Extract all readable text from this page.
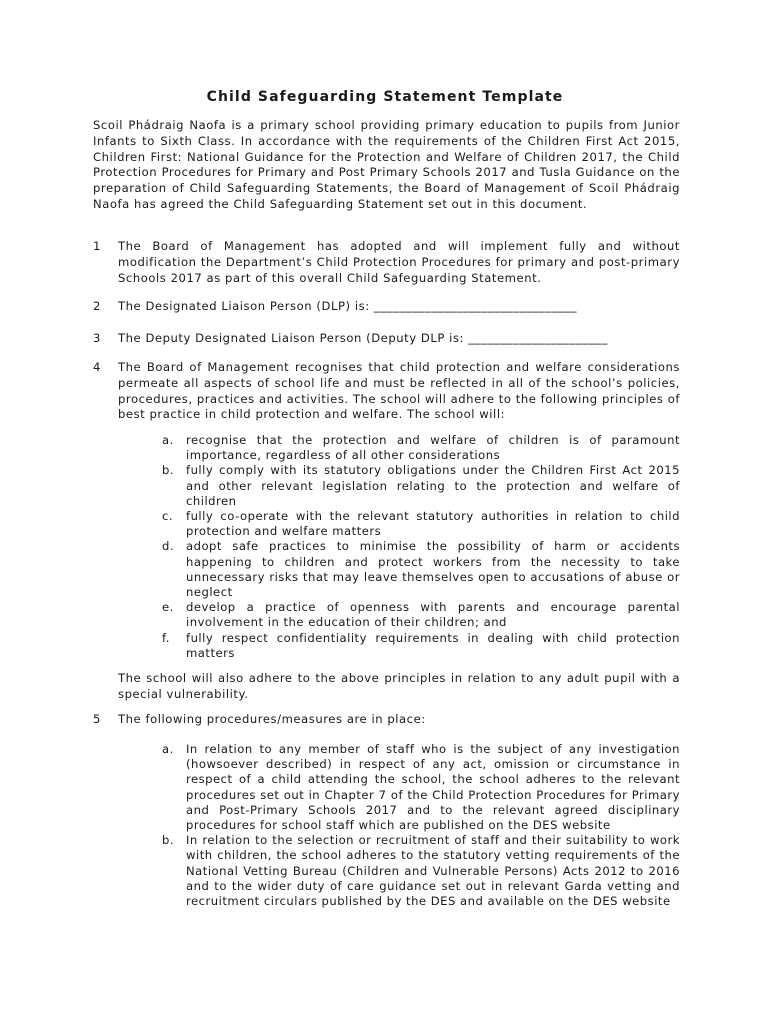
Child Safeguarding Statement Template
Scoil Phádraig Naofa is a primary school providing primary education to pupils from Junior Infants to Sixth Class. In accordance with the requirements of the Children First Act 2015, Children First: National Guidance for the Protection and Welfare of Children 2017, the Child Protection Procedures for Primary and Post Primary Schools 2017 and Tusla Guidance on the preparation of Child Safeguarding Statements, the Board of Management of Scoil Phádraig Naofa has agreed the Child Safeguarding Statement set out in this document.
1 The Board of Management has adopted and will implement fully and without modification the Department’s Child Protection Procedures for primary and post-primary Schools 2017 as part of this overall Child Safeguarding Statement.
2 The Designated Liaison Person (DLP) is: ________________________________
3 The Deputy Designated Liaison Person (Deputy DLP is: ______________________
4 The Board of Management recognises that child protection and welfare considerations permeate all aspects of school life and must be reflected in all of the school’s policies, procedures, practices and activities. The school will adhere to the following principles of best practice in child protection and welfare. The school will:
a. recognise that the protection and welfare of children is of paramount importance, regardless of all other considerations
b. fully comply with its statutory obligations under the Children First Act 2015 and other relevant legislation relating to the protection and welfare of children
c. fully co-operate with the relevant statutory authorities in relation to child protection and welfare matters
d. adopt safe practices to minimise the possibility of harm or accidents happening to children and protect workers from the necessity to take unnecessary risks that may leave themselves open to accusations of abuse or neglect
e. develop a practice of openness with parents and encourage parental involvement in the education of their children; and
f. fully respect confidentiality requirements in dealing with child protection matters
The school will also adhere to the above principles in relation to any adult pupil with a special vulnerability.
5 The following procedures/measures are in place:
a. In relation to any member of staff who is the subject of any investigation (howsoever described) in respect of any act, omission or circumstance in respect of a child attending the school, the school adheres to the relevant procedures set out in Chapter 7 of the Child Protection Procedures for Primary and Post-Primary Schools 2017 and to the relevant agreed disciplinary procedures for school staff which are published on the DES website
b. In relation to the selection or recruitment of staff and their suitability to work with children, the school adheres to the statutory vetting requirements of the National Vetting Bureau (Children and Vulnerable Persons) Acts 2012 to 2016 and to the wider duty of care guidance set out in relevant Garda vetting and recruitment circulars published by the DES and available on the DES website
